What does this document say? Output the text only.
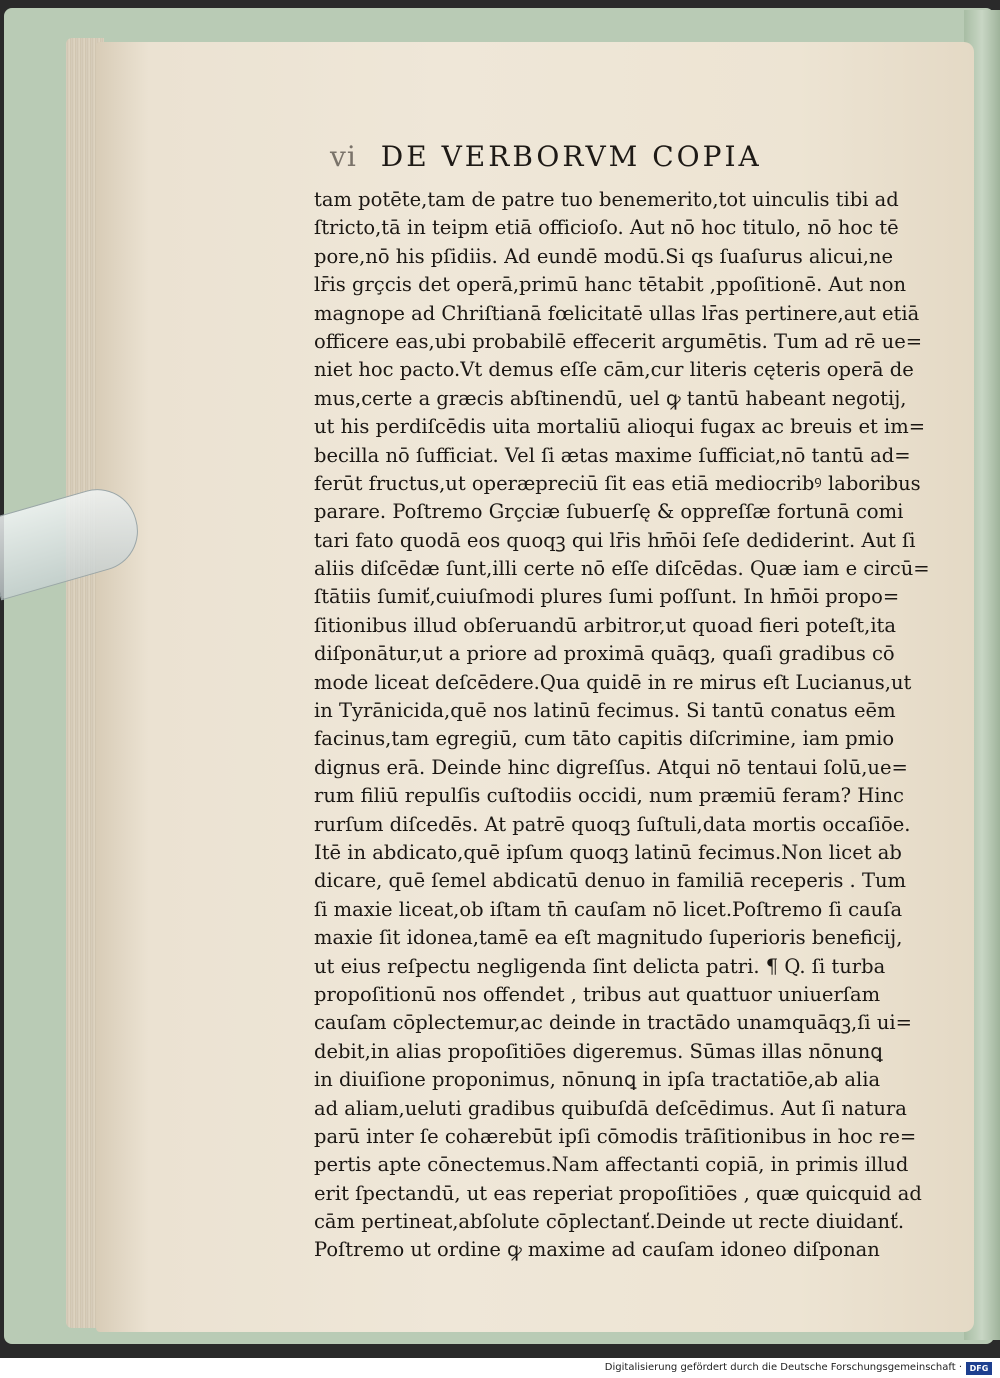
vi DE VERBORVM COPIA
tam potēte,tam de patre tuo benemerito,tot uinculis tibi ad
ſtricto,tā in teipm etiā officioſo. Aut nō hoc titulo, nō hoc tē
pore,nō his pſidiis. Ad eundē modū.Si qs ſuaſurus alicui,ne
lr̄is grçcis det operā,primū hanc tētabit ,ppoſitionē. Aut non
magnope ad Chriſtianā fœlicitatē ullas lr̄as pertinere,aut etiā
officere eas,ubi probabilē effecerit argumētis. Tum ad rē ue=
niet hoc pacto.Vt demus eſſe cām,cur literis cęteris operā de
mus,certe a græcis abſtinendū, uel ꝙ tantū habeant negotij,
ut his perdiſcēdis uita mortaliū alioqui fugax ac breuis et im=
becilla nō ſufficiat. Vel ſi ætas maxime ſufficiat,nō tantū ad=
ferūt fructus,ut operæpreciū ſit eas etiā mediocribꝰ laboribus
parare. Poſtremo Grçciæ ſubuerſę & oppreſſæ fortunā comi
tari fato quodā eos quoqꝫ qui lr̄is hm̄ōi ſeſe dediderint. Aut ſi
aliis diſcēdæ ſunt,illi certe nō eſſe diſcēdas. Quæ iam e circū=
ſtātiis ſumiť,cuiuſmodi plures ſumi poſſunt. In hm̄ōi propo=
ſitionibus illud obſeruandū arbitror,ut quoad fieri poteſt,ita
diſponātur,ut a priore ad proximā quāqꝫ, quaſi gradibus cō
mode liceat deſcēdere.Qua quidē in re mirus eſt Lucianus,ut
in Tyrānicida,quē nos latinū fecimus. Si tantū conatus eēm
facinus,tam egregiū, cum tāto capitis diſcrimine, iam pmio
dignus erā. Deinde hinc digreſſus. Atqui nō tentaui ſolū,ue=
rum filiū repulſis cuſtodiis occidi, num præmiū feram? Hinc
rurſum diſcedēs. At patrē quoqꝫ ſuſtuli,data mortis occaſiōe.
Itē in abdicato,quē ipſum quoqꝫ latinū fecimus.Non licet ab
dicare, quē ſemel abdicatū denuo in familiā receperis . Tum
ſi maxie liceat,ob iſtam tn̄ cauſam nō licet.Poſtremo ſi cauſa
maxie ſit idonea,tamē ea eſt magnitudo ſuperioris beneficij,
ut eius reſpectu negligenda ſint delicta patri. ¶ Q. ſi turba
propoſitionū nos offendet , tribus aut quattuor uniuerſam
cauſam cōplectemur,ac deinde in tractādo unamquāqꝫ,ſi ui=
debit,in alias propoſitiōes digeremus. Sūmas illas nōnunꝗ
in diuiſione proponimus, nōnunꝗ in ipſa tractatiōe,ab alia
ad aliam,ueluti gradibus quibuſdā deſcēdimus. Aut ſi natura
parū inter ſe cohærebūt ipſi cōmodis trāſitionibus in hoc re=
pertis apte cōnectemus.Nam affectanti copiā, in primis illud
erit ſpectandū, ut eas reperiat propoſitiōes , quæ quicquid ad
cām pertineat,abſolute cōplectanť.Deinde ut recte diuidanť.
Poſtremo ut ordine ꝙ maxime ad cauſam idoneo diſponan
Digitalisierung gefördert durch die Deutsche Forschungsgemeinschaft · DFG
